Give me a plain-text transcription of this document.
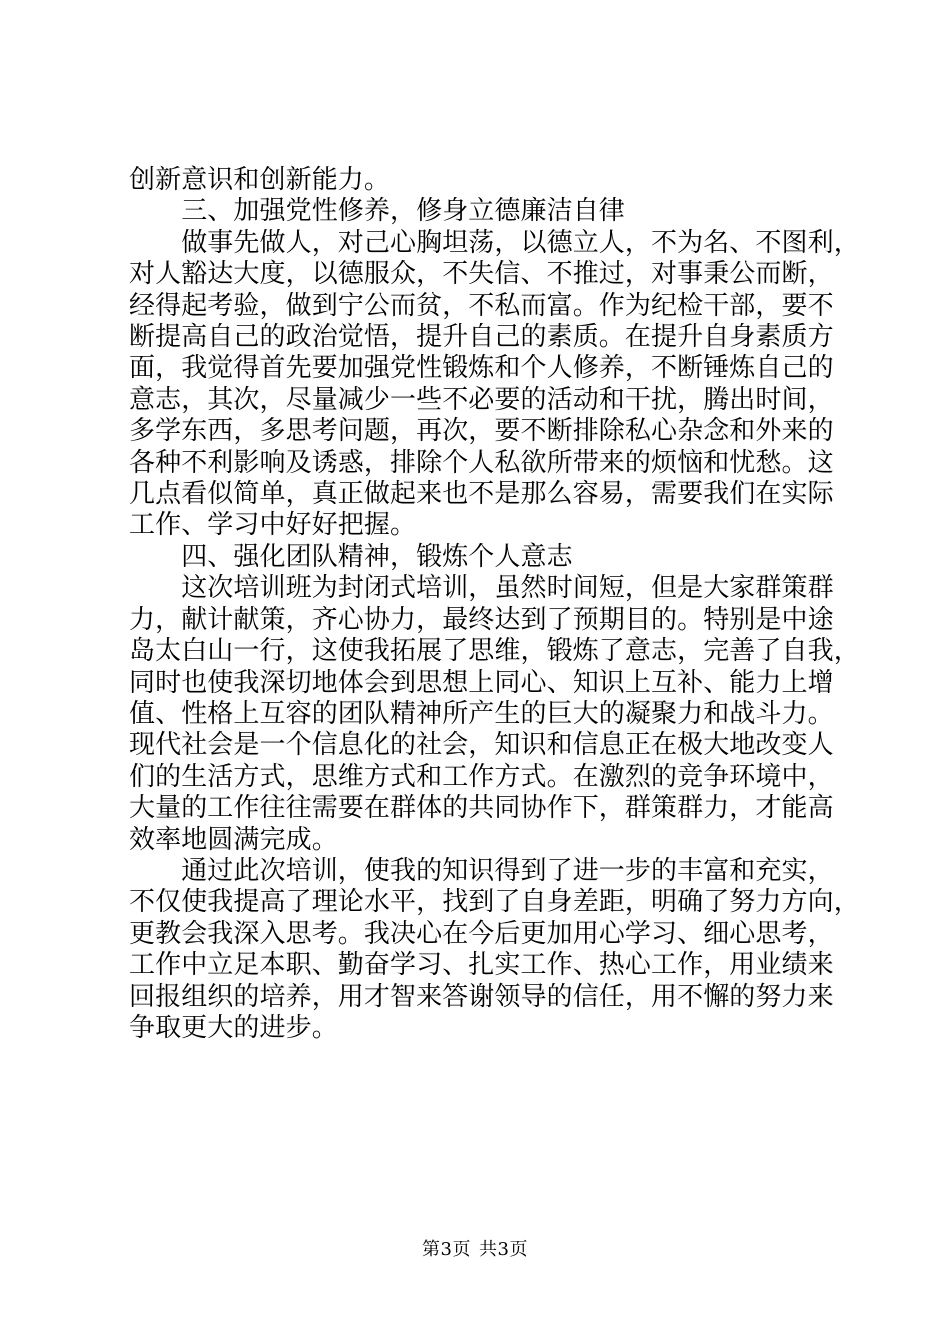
创新意识和创新能力。

　　三、加强党性修养，修身立德廉洁自律

　　做事先做人，对己心胸坦荡，以德立人，不为名、不图利，

对人豁达大度，以德服众，不失信、不推过，对事秉公而断，

经得起考验，做到宁公而贫，不私而富。作为纪检干部，要不

断提高自己的政治觉悟，提升自己的素质。在提升自身素质方

面，我觉得首先要加强党性锻炼和个人修养，不断锤炼自己的

意志，其次，尽量减少一些不必要的活动和干扰，腾出时间，

多学东西，多思考问题，再次，要不断排除私心杂念和外来的

各种不利影响及诱惑，排除个人私欲所带来的烦恼和忧愁。这

几点看似简单，真正做起来也不是那么容易，需要我们在实际

工作、学习中好好把握。

　　四、强化团队精神，锻炼个人意志

　　这次培训班为封闭式培训，虽然时间短，但是大家群策群

力，献计献策，齐心协力，最终达到了预期目的。特别是中途

岛太白山一行，这使我拓展了思维，锻炼了意志，完善了自我，

同时也使我深切地体会到思想上同心、知识上互补、能力上增

值、性格上互容的团队精神所产生的巨大的凝聚力和战斗力。

现代社会是一个信息化的社会，知识和信息正在极大地改变人

们的生活方式，思维方式和工作方式。在激烈的竞争环境中，

大量的工作往往需要在群体的共同协作下，群策群力，才能高

效率地圆满完成。

　　通过此次培训，使我的知识得到了进一步的丰富和充实，

不仅使我提高了理论水平，找到了自身差距，明确了努力方向，

更教会我深入思考。我决心在今后更加用心学习、细心思考，

工作中立足本职、勤奋学习、扎实工作、热心工作，用业绩来

回报组织的培养，用才智来答谢领导的信任，用不懈的努力来

争取更大的进步。

第3页 共3页
